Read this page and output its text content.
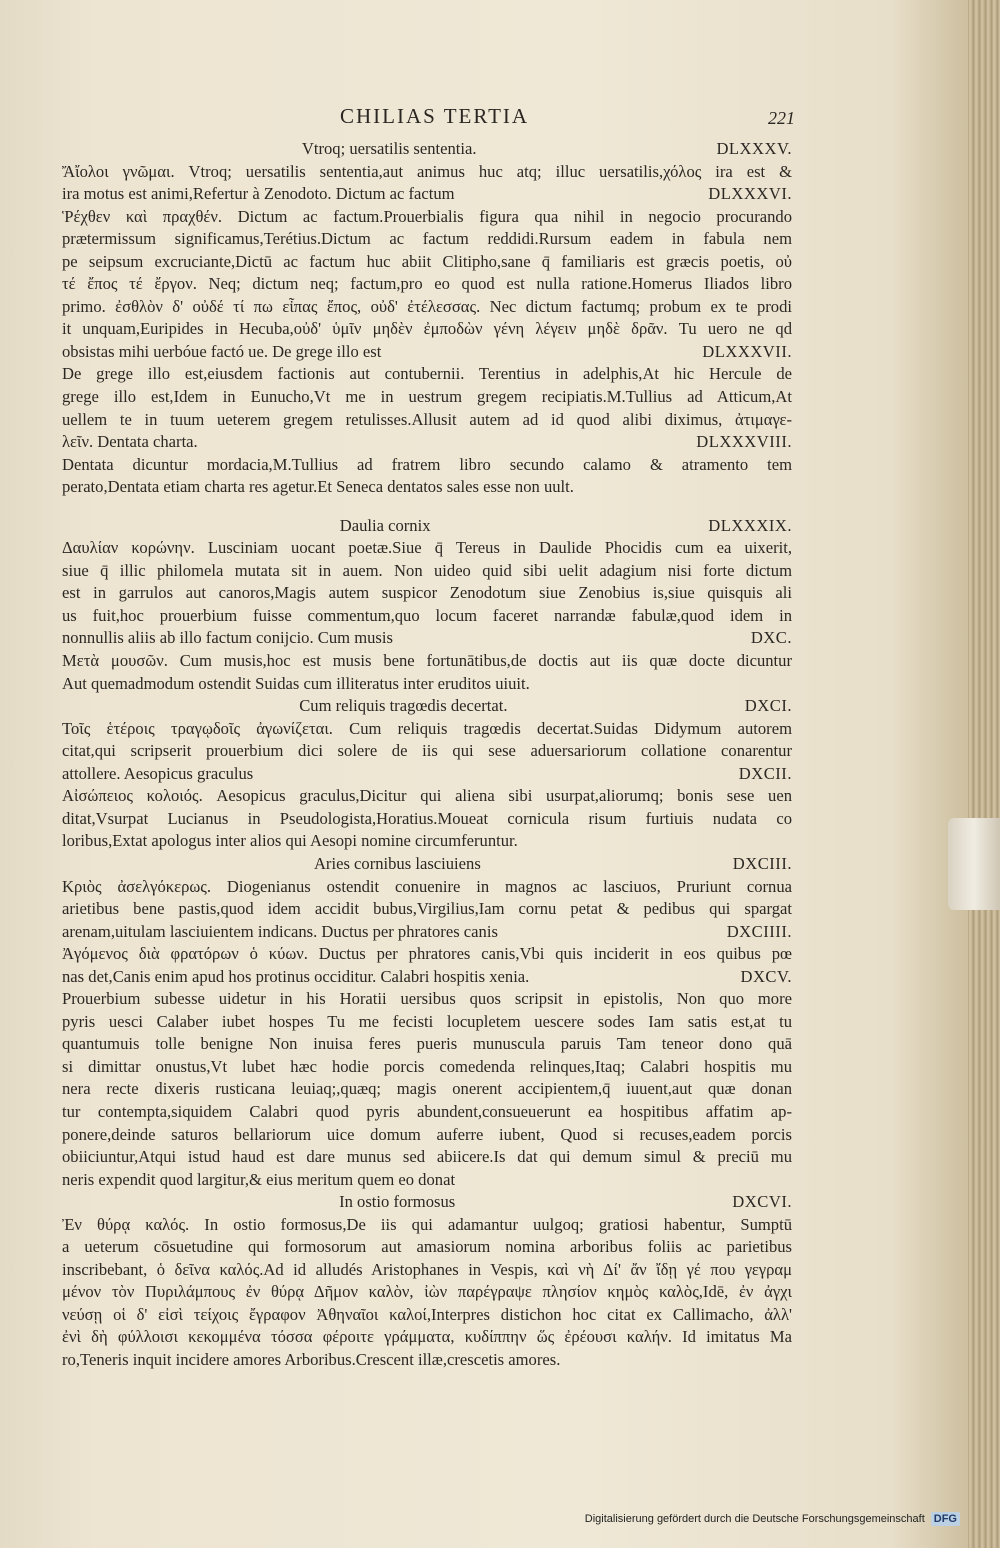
CHILIAS TERTIA	221
DLXXXV.
Vtroq; uersatilis sententia.
Ἄἴολοι γνῶμαι. Vtroq; uersatilis sententia,aut animus huc atq; illuc uersatilis,χόλος ira est &
DLXXXVI.
ira motus est animi,Refertur à Zenodoto. Dictum ac factum
Ῥέχθεν καὶ πραχθέν. Dictum ac factum.Prouerbialis figura qua nihil in negocio procurando
prætermissum significamus,Terétius.Dictum ac factum reddidi.Rursum eadem in fabula nem
pe seipsum excruciante,Dictū ac factum huc abiit Clitipho,sane q̄ familiaris est græcis poetis, οὐ
τέ ἔπος τέ ἔργον. Neq; dictum neq; factum,pro eo quod est nulla ratione.Homerus Iliados libro
primo. ἐσθλὸν δ' οὐδέ τί πω εἶπας ἔπος, οὐδ' ἐτέλεσσας. Nec dictum factumq; probum ex te prodi
it unquam,Euripides in Hecuba,οὐδ' ὑμῖν μηδὲν ἐμποδὼν γένη λέγειν μηδὲ δρᾶν. Tu uero ne qd
DLXXXVII.
obsistas mihi uerbóue factó ue. De grege illo est
De grege illo est,eiusdem factionis aut contubernii. Terentius in adelphis,At hic Hercule de
grege illo est,Idem in Eunucho,Vt me in uestrum gregem recipiatis.M.Tullius ad Atticum,At
uellem te in tuum ueterem gregem retulisses.Allusit autem ad id quod alibi diximus, ἀτιμαγε-
DLXXXVIII.
λεῖν. Dentata charta.
Dentata dicuntur mordacia,M.Tullius ad fratrem libro secundo calamo & atramento tem
perato,Dentata etiam charta res agetur.Et Seneca dentatos sales esse non uult.
DLXXXIX.
Daulia cornix
Δαυλίαν κορώνην. Lusciniam uocant poetæ.Siue q̄ Tereus in Daulide Phocidis cum ea uixerit,
siue q̄ illic philomela mutata sit in auem. Non uideo quid sibi uelit adagium nisi forte dictum
est in garrulos aut canoros,Magis autem suspicor Zenodotum siue Zenobius is,siue quisquis ali
us fuit,hoc prouerbium fuisse commentum,quo locum faceret narrandæ fabulæ,quod idem in
DXC.
nonnullis aliis ab illo factum conijcio. Cum musis
Μετὰ μουσῶν. Cum musis,hoc est musis bene fortunātibus,de doctis aut iis quæ docte dicuntur
Aut quemadmodum ostendit Suidas cum illiteratus inter eruditos uiuit.
DXCI.
Cum reliquis tragœdis decertat.
Τοῖς ἑτέροις τραγῳδοῖς ἀγωνίζεται. Cum reliquis tragœdis decertat.Suidas Didymum autorem
citat,qui scripserit prouerbium dici solere de iis qui sese aduersariorum collatione conarentur
DXCII.
attollere. Aesopicus graculus
Αἰσώπειος κολοιός. Aesopicus graculus,Dicitur qui aliena sibi usurpat,aliorumq; bonis sese uen
ditat,Vsurpat Lucianus in Pseudologista,Horatius.Moueat cornicula risum furtiuis nudata co
loribus,Extat apologus inter alios qui Aesopi nomine circumferuntur.
DXCIII.
Aries cornibus lasciuiens
Κριὸς ἀσελγόκερως. Diogenianus ostendit conuenire in magnos ac lasciuos, Pruriunt cornua
arietibus bene pastis,quod idem accidit bubus,Virgilius,Iam cornu petat & pedibus qui spargat
DXCIIII.
arenam,uitulam lasciuientem indicans. Ductus per phratores canis
Ἀγόμενος διὰ φρατόρων ὁ κύων. Ductus per phratores canis,Vbi quis inciderit in eos quibus pœ
DXCV.
nas det,Canis enim apud hos protinus occiditur. Calabri hospitis xenia.
Prouerbium subesse uidetur in his Horatii uersibus quos scripsit in epistolis, Non quo more
pyris uesci Calaber iubet hospes Tu me fecisti locupletem uescere sodes Iam satis est,at tu
quantumuis tolle benigne Non inuisa feres pueris munuscula paruis Tam teneor dono quā
si dimittar onustus,Vt lubet hæc hodie porcis comedenda relinques,Itaq; Calabri hospitis mu
nera recte dixeris rusticana leuiaq;,quæq; magis onerent accipientem,q̄ iuuent,aut quæ donan
tur contempta,siquidem Calabri quod pyris abundent,consueuerunt ea hospitibus affatim ap-
ponere,deinde saturos bellariorum uice domum auferre iubent, Quod si recuses,eadem porcis
obiiciuntur,Atqui istud haud est dare munus sed abiicere.Is dat qui demum simul & preciū mu
neris expendit quod largitur,& eius meritum quem eo donat
DXCVI.
In ostio formosus
Ἐν θύρᾳ καλός. In ostio formosus,De iis qui adamantur uulgoq; gratiosi habentur, Sumptū
a ueterum cōsuetudine qui formosorum aut amasiorum nomina arboribus foliis ac parietibus
inscribebant, ὁ δεῖνα καλός.Ad id alludés Aristophanes in Vespis, καὶ νὴ Δί' ἄν ἴδῃ γέ που γεγραμ
μένον τὸν Πυριλάμπους ἐν θύρᾳ Δῆμον καλὸν, ἰὼν παρέγραψε πλησίον κημὸς καλὸς,Idē, ἐν ἀγχι
νεύσῃ οἱ δ' εἰσὶ τείχοις ἔγραφον Ἀθηναῖοι καλοί,Interpres distichon hoc citat ex Callimacho, ἀλλ'
ἐνὶ δὴ φύλλοισι κεκομμένα τόσσα φέροιτε γράμματα, κυδίππην ὥς ἐρέουσι καλήν. Id imitatus Ma
ro,Teneris inquit incidere amores Arboribus.Crescent illæ,crescetis amores.
Digitalisierung gefördert durch die Deutsche Forschungsgemeinschaft DFG
